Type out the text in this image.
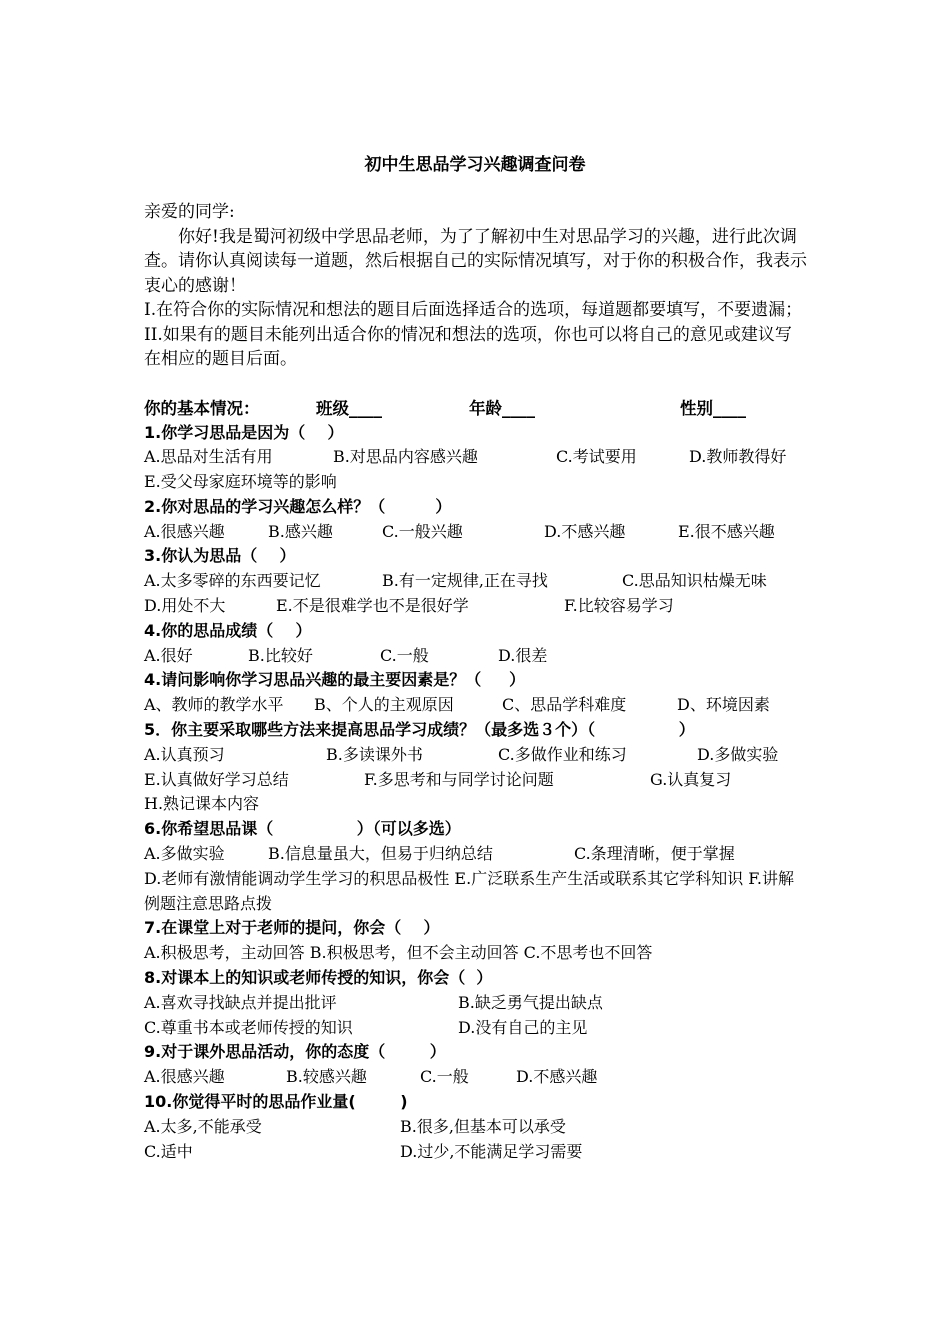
初中生思品学习兴趣调查问卷

亲爱的同学:

你好!我是蜀河初级中学思品老师，为了了解初中生对思品学习的兴趣，进行此次调查。请你认真阅读每一道题，然后根据自己的实际情况填写，对于你的积极合作，我表示衷心的感谢！

I.在符合你的实际情况和想法的题目后面选择适合的选项，每道题都要填写，不要遗漏；

II.如果有的题目未能列出适合你的情况和想法的选项，你也可以将自己的意见或建议写在相应的题目后面。

你的基本情况：	班级____	年龄____	性别____

1.你学习思品是因为（    ）

A.思品对生活有用	B.对思品内容感兴趣	C.考试要用	D.教师教得好
E.受父母家庭环境等的影响

2.你对思品的学习兴趣怎么样？（         ）

A.很感兴趣	B.感兴趣	C.一般兴趣	D.不感兴趣	E.很不感兴趣

3.你认为思品（    ）

A.太多零碎的东西要记忆	B.有一定规律,正在寻找	C.思品知识枯燥无味
D.用处不大	E.不是很难学也不是很好学	F.比较容易学习

4.你的思品成绩（    ）

A.很好	B.比较好	C.一般	D.很差

4.请问影响你学习思品兴趣的最主要因素是？（     ）

A、教师的教学水平 B、个人的主观原因	C、思品学科难度	D、环境因素

5．你主要采取哪些方法来提高思品学习成绩？（最多选３个）（               ）

A.认真预习	B.多读课外书	C.多做作业和练习	D.多做实验
E.认真做好学习总结	F.多思考和与同学讨论问题	G.认真复习
H.熟记课本内容

6.你希望思品课（               ）（可以多选）

A.多做实验	B.信息量虽大，但易于归纳总结	C.条理清晰，便于掌握

D.老师有激情能调动学生学习的积思品极性 E.广泛联系生产生活或联系其它学科知识 F.讲解例题注意思路点拨

7.在课堂上对于老师的提问，你会（    ）

A.积极思考，主动回答 B.积极思考，但不会主动回答 C.不思考也不回答

8.对课本上的知识或老师传授的知识，你会（  ）

A.喜欢寻找缺点并提出批评	B.缺乏勇气提出缺点
C.尊重书本或老师传授的知识	D.没有自己的主见

9.对于课外思品活动，你的态度（        ）

A.很感兴趣	B.较感兴趣	C.一般	D.不感兴趣

10.你觉得平时的思品作业量(        )

A.太多,不能承受	B.很多,但基本可以承受
C.适中	D.过少,不能满足学习需要
